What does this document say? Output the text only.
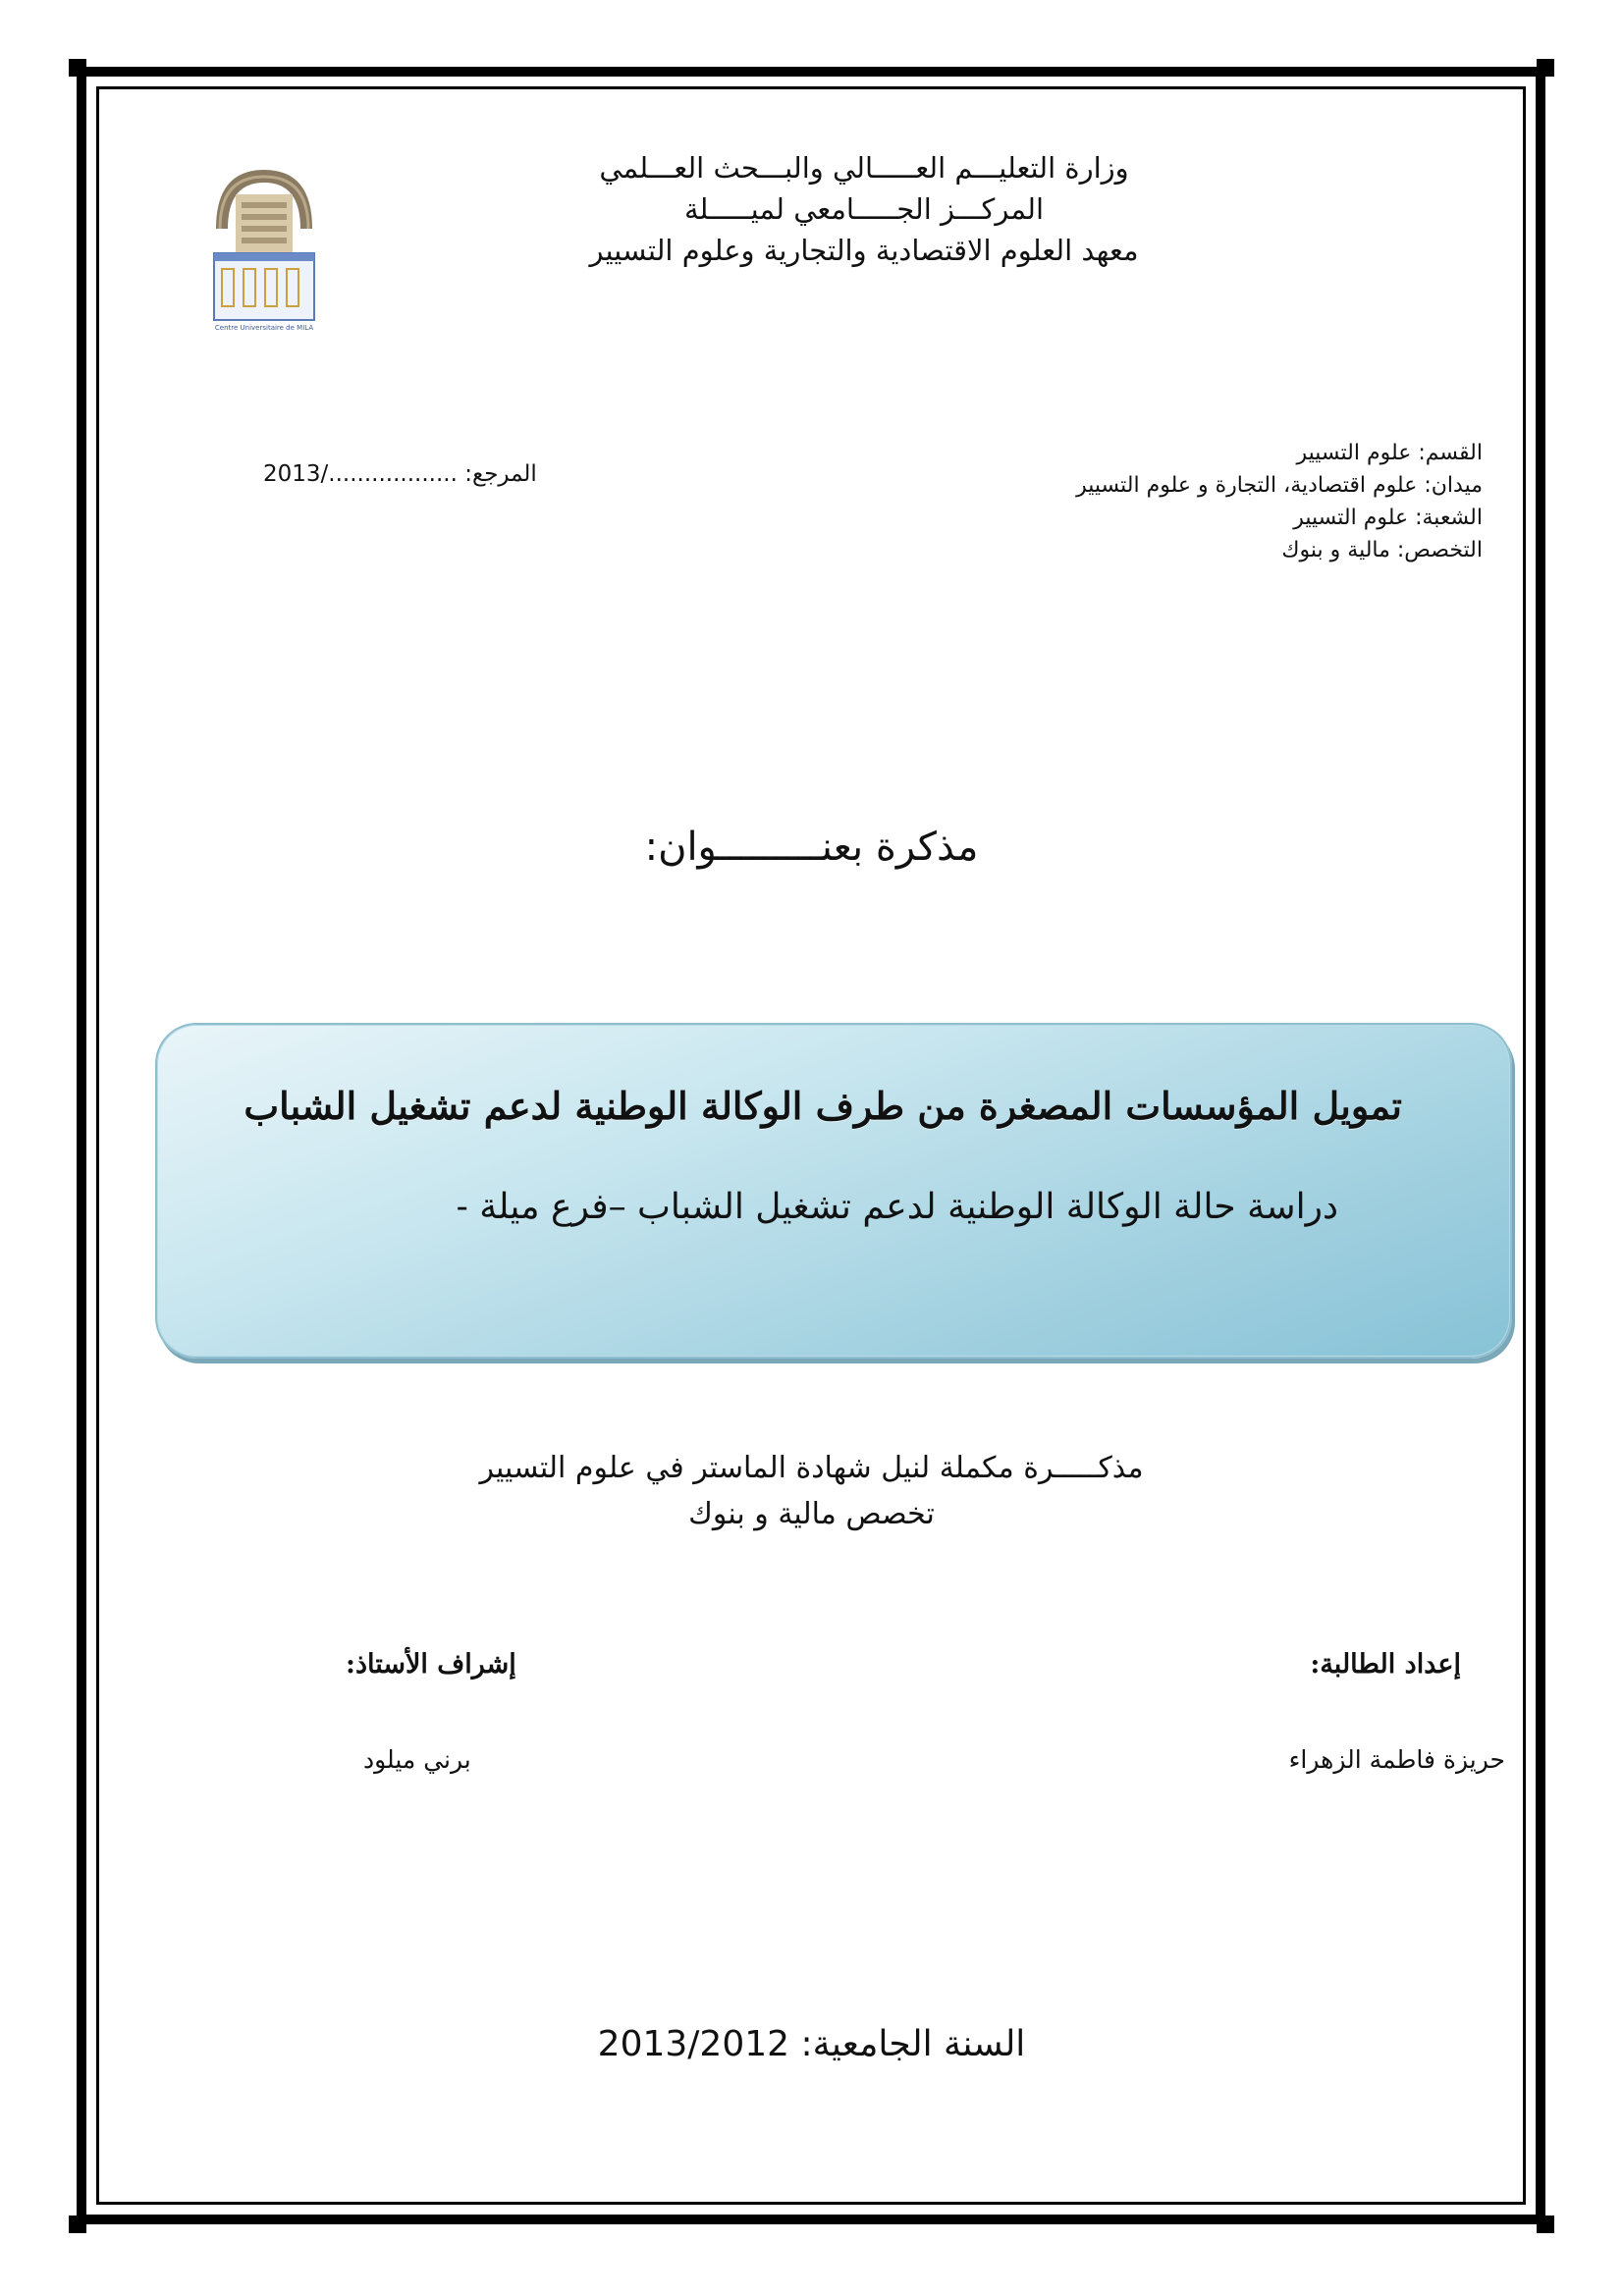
وزارة التعليـــم العـــــالي والبـــحث العـــلمي
المركـــز الجـــــامعي لميـــــلة
معهد العلوم الاقتصادية والتجارية وعلوم التسيير
Centre Universitaire de MILA
المرجع: ................../2013
القسم: علوم التسيير
ميدان: علوم اقتصادية، التجارة و علوم التسيير
الشعبة: علوم التسيير
التخصص: مالية و بنوك
مذكرة بعنـــــــــوان:
تمويل المؤسسات المصغرة من طرف الوكالة الوطنية لدعم تشغيل الشباب
دراسة حالة الوكالة الوطنية لدعم تشغيل الشباب –فرع ميلة -
مذكـــــرة مكملة لنيل شهادة الماستر في علوم التسيير
تخصص مالية و بنوك
إعداد الطالبة:
إشراف الأستاذ:
حريزة فاطمة الزهراء
برني ميلود
السنة الجامعية: 2013/2012
